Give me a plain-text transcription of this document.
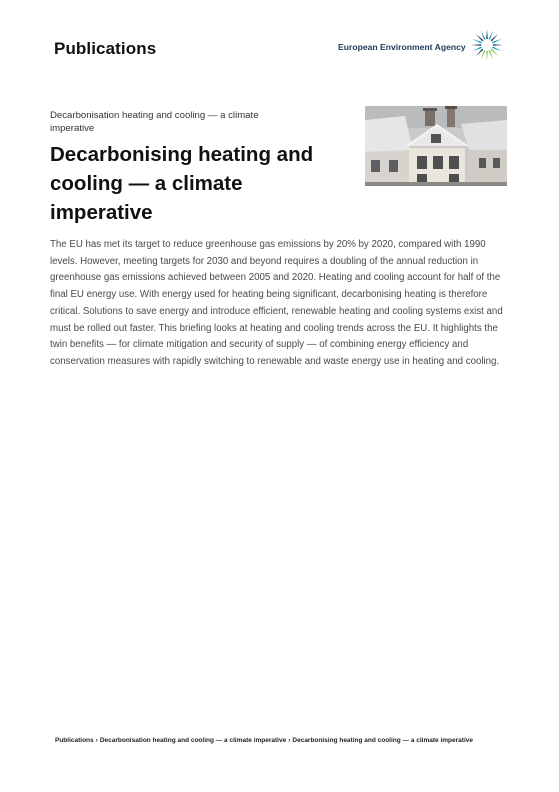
Publications	European Environment Agency
Decarbonisation heating and cooling — a climate imperative
Decarbonising heating and cooling — a climate imperative

The EU has met its target to reduce greenhouse gas emissions by 20% by 2020, compared with 1990 levels. However, meeting targets for 2030 and beyond requires a doubling of the annual reduction in greenhouse gas emissions achieved between 2005 and 2020. Heating and cooling account for half of the final EU energy use. With energy used for heating being significant, decarbonising heating is therefore critical. Solutions to save energy and introduce efficient, renewable heating and cooling systems exist and must be rolled out faster. This briefing looks at heating and cooling trends across the EU. It highlights the twin benefits — for climate mitigation and security of supply — of combining energy efficiency and conservation measures with rapidly switching to renewable and waste energy use in heating and cooling.

Publications › Decarbonisation heating and cooling — a climate imperative › Decarbonising heating and cooling — a climate imperative
